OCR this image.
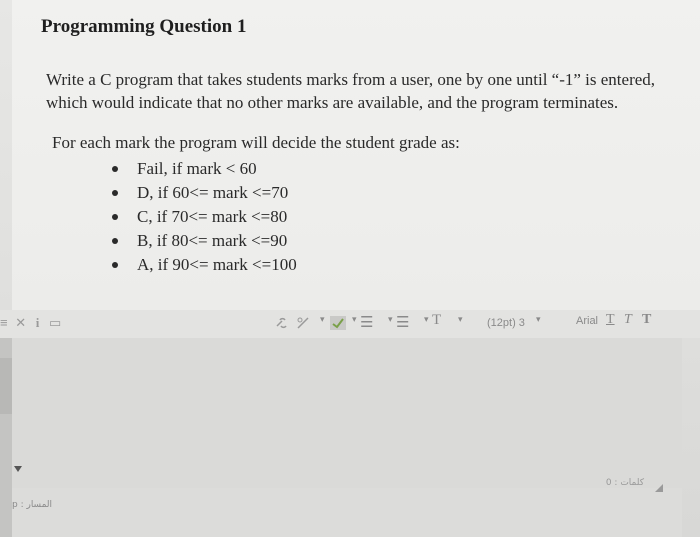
Programming Question 1
Write a C program that takes students marks from a user, one by one until “-1” is entered,
which would indicate that no other marks are available, and the program terminates.
For each mark the program will decide the student grade as:
Fail, if mark < 60
D, if 60<= mark <=70
C, if 70<= mark <=80
B, if 80<= mark <=90
A, if 90<= mark <=100
≡ ✕ i ▭	▾	▾ ☰ ▾ ☰ ▾ T ▾ (12pt) 3 ▾	Arial T T T
0 : كلمات
p : المسار
